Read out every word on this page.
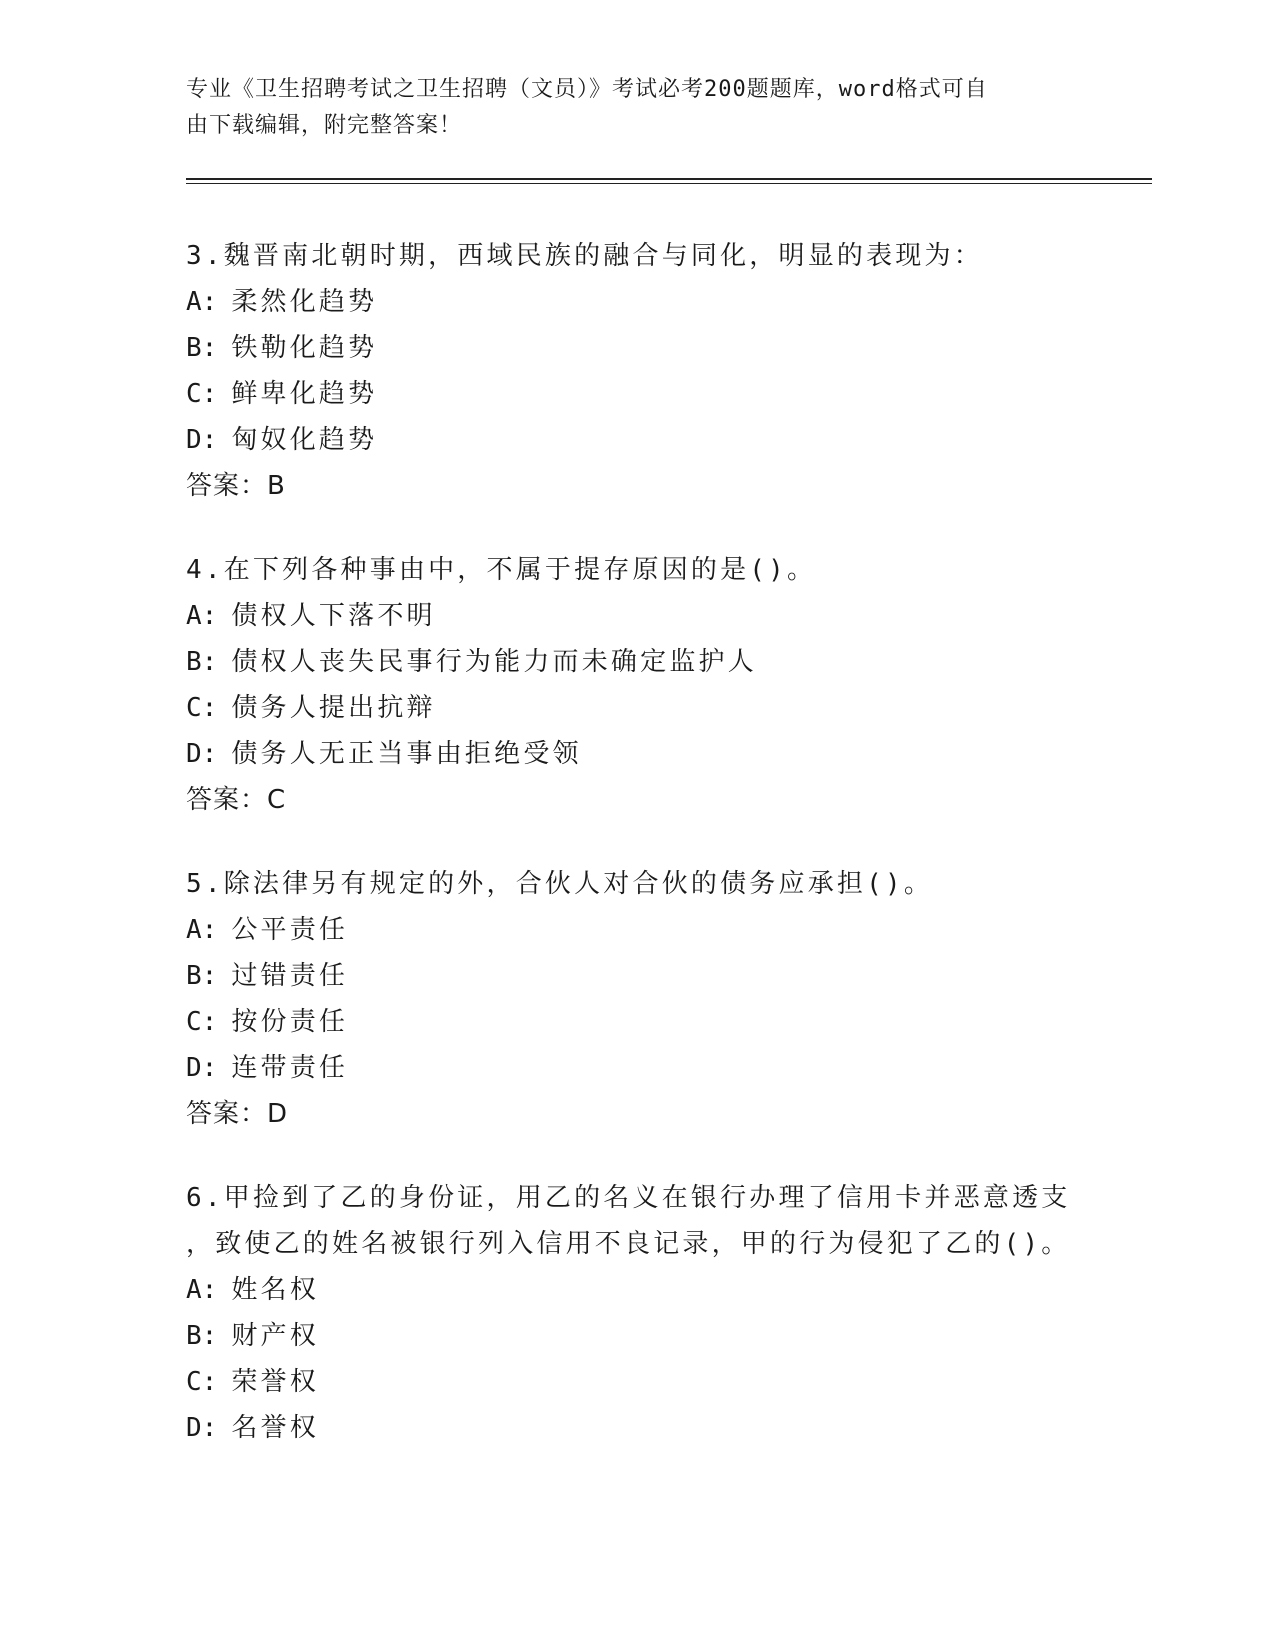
专业《卫生招聘考试之卫生招聘（文员）》考试必考200题题库，word格式可自
由下载编辑，附完整答案！

3.魏晋南北朝时期，西域民族的融合与同化，明显的表现为：

A: 柔然化趋势

B: 铁勒化趋势

C: 鲜卑化趋势

D: 匈奴化趋势

答案：B

4.在下列各种事由中，不属于提存原因的是()。

A: 债权人下落不明

B: 债权人丧失民事行为能力而未确定监护人

C: 债务人提出抗辩

D: 债务人无正当事由拒绝受领

答案：C

5.除法律另有规定的外，合伙人对合伙的债务应承担()。

A: 公平责任

B: 过错责任

C: 按份责任

D: 连带责任

答案：D

6.甲捡到了乙的身份证，用乙的名义在银行办理了信用卡并恶意透支

，致使乙的姓名被银行列入信用不良记录，甲的行为侵犯了乙的()。

A: 姓名权

B: 财产权

C: 荣誉权

D: 名誉权
